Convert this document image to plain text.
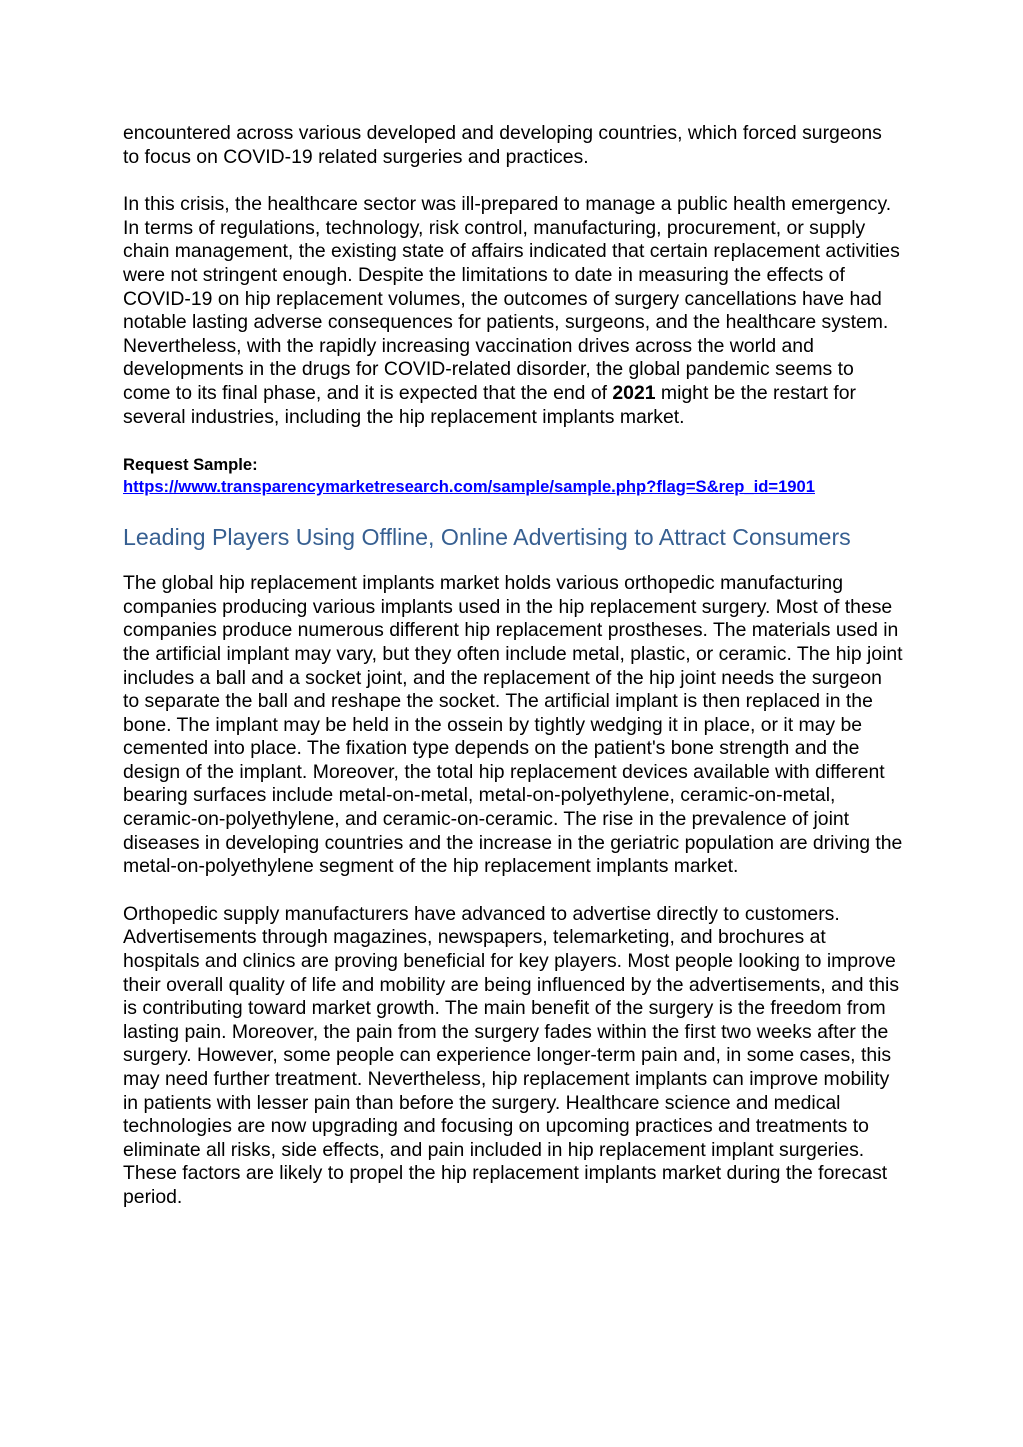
encountered across various developed and developing countries, which forced surgeons to focus on COVID-19 related surgeries and practices.

In this crisis, the healthcare sector was ill-prepared to manage a public health emergency. In terms of regulations, technology, risk control, manufacturing, procurement, or supply chain management, the existing state of affairs indicated that certain replacement activities were not stringent enough. Despite the limitations to date in measuring the effects of COVID-19 on hip replacement volumes, the outcomes of surgery cancellations have had notable lasting adverse consequences for patients, surgeons, and the healthcare system. Nevertheless, with the rapidly increasing vaccination drives across the world and developments in the drugs for COVID-related disorder, the global pandemic seems to come to its final phase, and it is expected that the end of 2021 might be the restart for several industries, including the hip replacement implants market.

Request Sample:
https://www.transparencymarketresearch.com/sample/sample.php?flag=S&rep_id=1901
Leading Players Using Offline, Online Advertising to Attract Consumers

The global hip replacement implants market holds various orthopedic manufacturing companies producing various implants used in the hip replacement surgery. Most of these companies produce numerous different hip replacement prostheses. The materials used in the artificial implant may vary, but they often include metal, plastic, or ceramic. The hip joint includes a ball and a socket joint, and the replacement of the hip joint needs the surgeon to separate the ball and reshape the socket. The artificial implant is then replaced in the bone. The implant may be held in the ossein by tightly wedging it in place, or it may be cemented into place. The fixation type depends on the patient's bone strength and the design of the implant. Moreover, the total hip replacement devices available with different bearing surfaces include metal-on-metal, metal-on-polyethylene, ceramic-on-metal, ceramic-on-polyethylene, and ceramic-on-ceramic. The rise in the prevalence of joint diseases in developing countries and the increase in the geriatric population are driving the metal-on-polyethylene segment of the hip replacement implants market.

Orthopedic supply manufacturers have advanced to advertise directly to customers. Advertisements through magazines, newspapers, telemarketing, and brochures at hospitals and clinics are proving beneficial for key players. Most people looking to improve their overall quality of life and mobility are being influenced by the advertisements, and this is contributing toward market growth. The main benefit of the surgery is the freedom from lasting pain. Moreover, the pain from the surgery fades within the first two weeks after the surgery. However, some people can experience longer-term pain and, in some cases, this may need further treatment. Nevertheless, hip replacement implants can improve mobility in patients with lesser pain than before the surgery. Healthcare science and medical technologies are now upgrading and focusing on upcoming practices and treatments to eliminate all risks, side effects, and pain included in hip replacement implant surgeries. These factors are likely to propel the hip replacement implants market during the forecast period.
